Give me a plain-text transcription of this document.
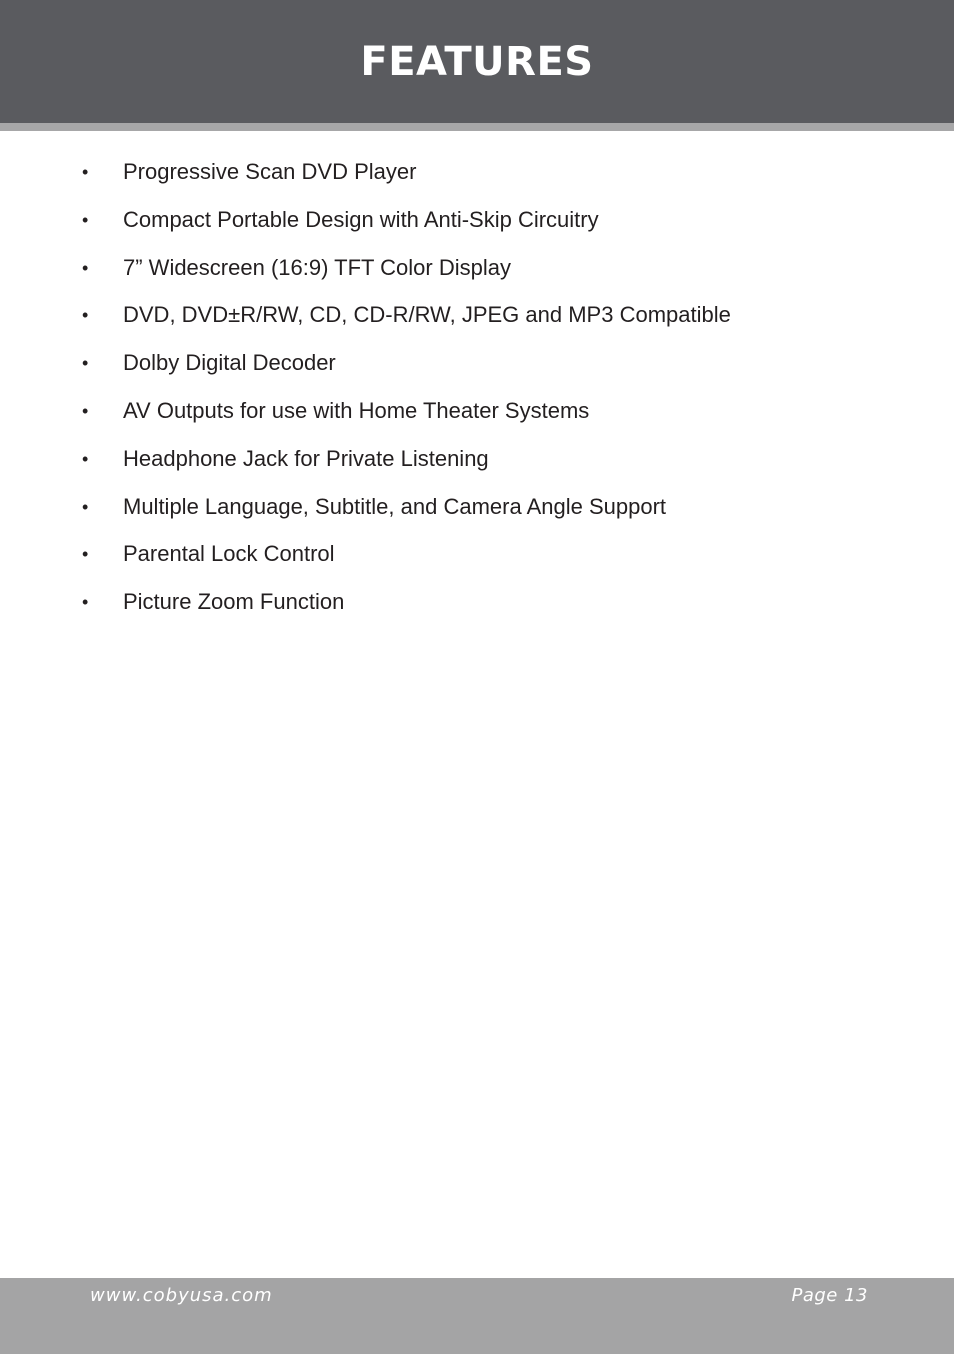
FEATURES
• Progressive Scan DVD Player
• Compact Portable Design with Anti-Skip Circuitry
• 7” Widescreen (16:9) TFT Color Display
• DVD, DVD±R/RW, CD, CD-R/RW, JPEG and MP3 Compatible
• Dolby Digital Decoder
• AV Outputs for use with Home Theater Systems
• Headphone Jack for Private Listening
• Multiple Language, Subtitle, and Camera Angle Support
• Parental Lock Control
• Picture Zoom Function
www.cobyusa.com	Page 13
